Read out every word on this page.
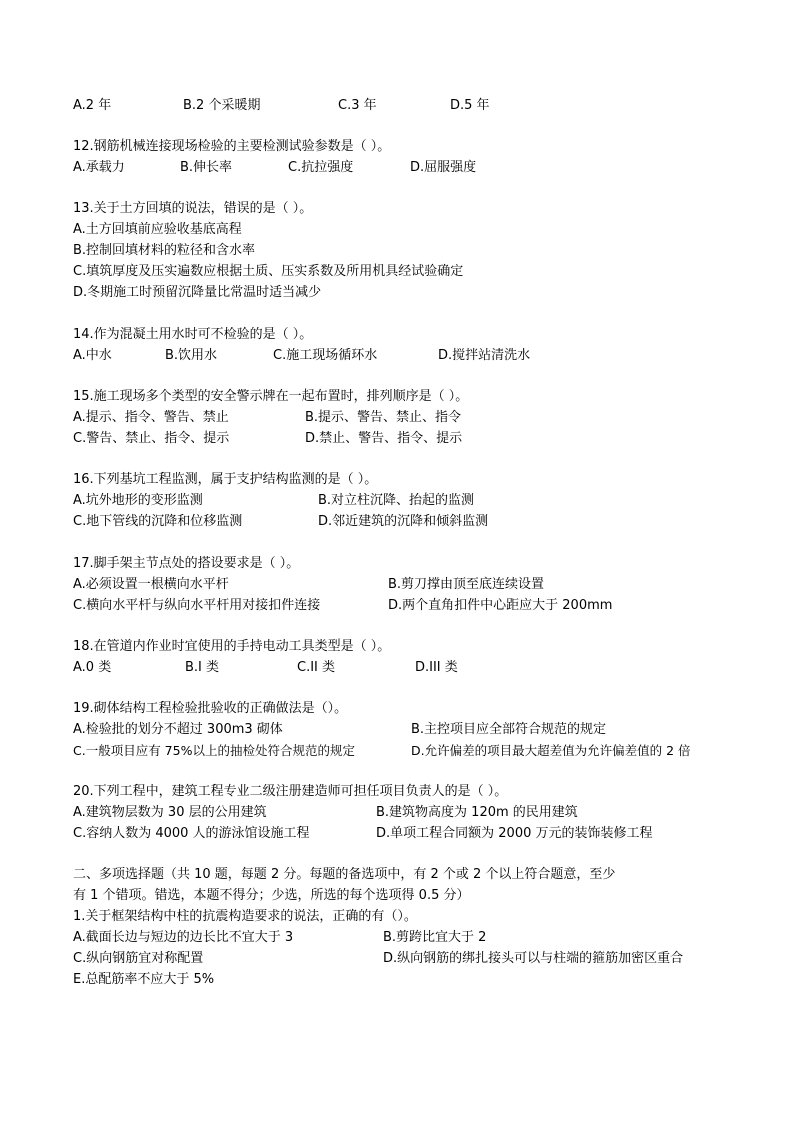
A.2 年	B.2 个采暖期	C.3 年	D.5 年
12.钢筋机械连接现场检验的主要检测试验参数是（ ）。
A.承载力	B.伸长率	C.抗拉强度	D.屈服强度
13.关于土方回填的说法，错误的是（ ）。
A.土方回填前应验收基底高程
B.控制回填材料的粒径和含水率
C.填筑厚度及压实遍数应根据土质、压实系数及所用机具经试验确定
D.冬期施工时预留沉降量比常温时适当减少
14.作为混凝土用水时可不检验的是（ ）。
A.中水	B.饮用水	C.施工现场循环水	D.搅拌站清洗水
15.施工现场多个类型的安全警示牌在一起布置时，排列顺序是（ ）。
A.提示、指令、警告、禁止	B.提示、警告、禁止、指令
C.警告、禁止、指令、提示	D.禁止、警告、指令、提示
16.下列基坑工程监测，属于支护结构监测的是（ ）。
A.坑外地形的变形监测	B.对立柱沉降、抬起的监测
C.地下管线的沉降和位移监测	D.邻近建筑的沉降和倾斜监测
17.脚手架主节点处的搭设要求是（ ）。
A.必须设置一根横向水平杆	B.剪刀撑由顶至底连续设置
C.横向水平杆与纵向水平杆用对接扣件连接	D.两个直角扣件中心距应大于 200mm
18.在管道内作业时宜使用的手持电动工具类型是（ ）。
A.0 类	B.I 类	C.II 类	D.III 类
19.砌体结构工程检验批验收的正确做法是（）。
A.检验批的划分不超过 300m3 砌体	B.主控项目应全部符合规范的规定
C.一般项目应有 75%以上的抽检处符合规范的规定	D.允许偏差的项目最大超差值为允许偏差值的 2 倍
20.下列工程中，建筑工程专业二级注册建造师可担任项目负责人的是（ ）。
A.建筑物层数为 30 层的公用建筑	B.建筑物高度为 120m 的民用建筑
C.容纳人数为 4000 人的游泳馆设施工程	D.单项工程合同额为 2000 万元的装饰装修工程
二、多项选择题（共 10 题，每题 2 分。每题的备选项中，有 2 个或 2 个以上符合题意，至少
有 1 个错项。错选，本题不得分；少选，所选的每个选项得 0.5 分）
1.关于框架结构中柱的抗震构造要求的说法，正确的有（）。
A.截面长边与短边的边长比不宜大于 3	B.剪跨比宜大于 2
C.纵向钢筋宜对称配置	D.纵向钢筋的绑扎接头可以与柱端的箍筋加密区重合
E.总配筋率不应大于 5%
